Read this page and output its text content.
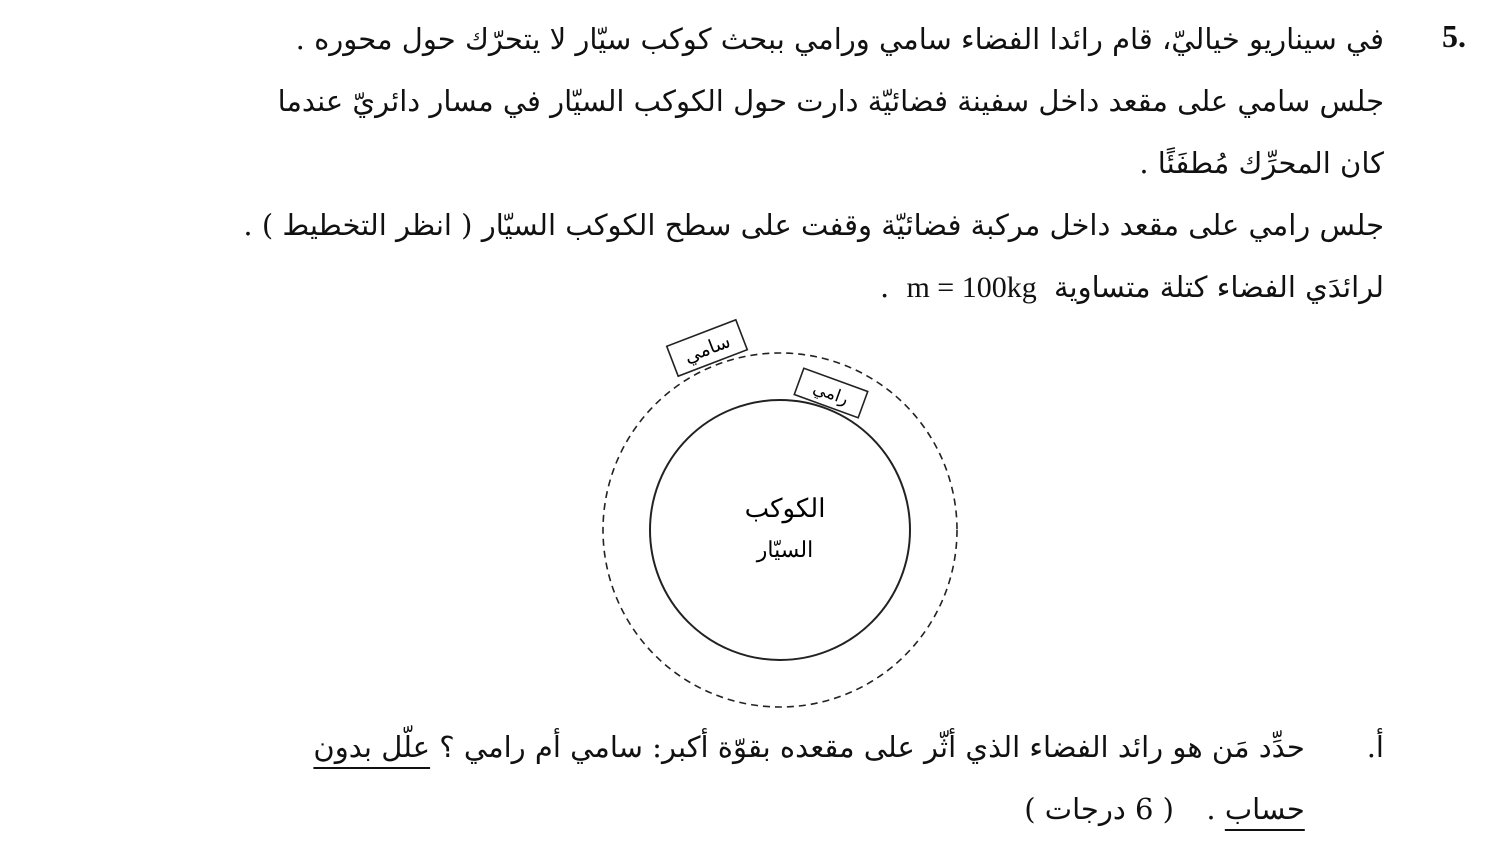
5.
في سيناريو خياليّ، قام رائدا الفضاء سامي ورامي ببحث كوكب سيّار لا يتحرّك حول محوره .
جلس سامي على مقعد داخل سفينة فضائيّة دارت حول الكوكب السيّار في مسار دائريّ عندما
كان المحرِّك مُطفَئًا .
جلس رامي على مقعد داخل مركبة فضائيّة وقفت على سطح الكوكب السيّار ( انظر التخطيط ) .
لرائدَي الفضاء كتلة متساوية m = 100kg .
الكوكب
السيّار
سامي
رامي
أ. حدِّد مَن هو رائد الفضاء الذي أثّر على مقعده بقوّة أكبر: سامي أم رامي ؟ علّل بدون
حساب .  ( 6 درجات )
